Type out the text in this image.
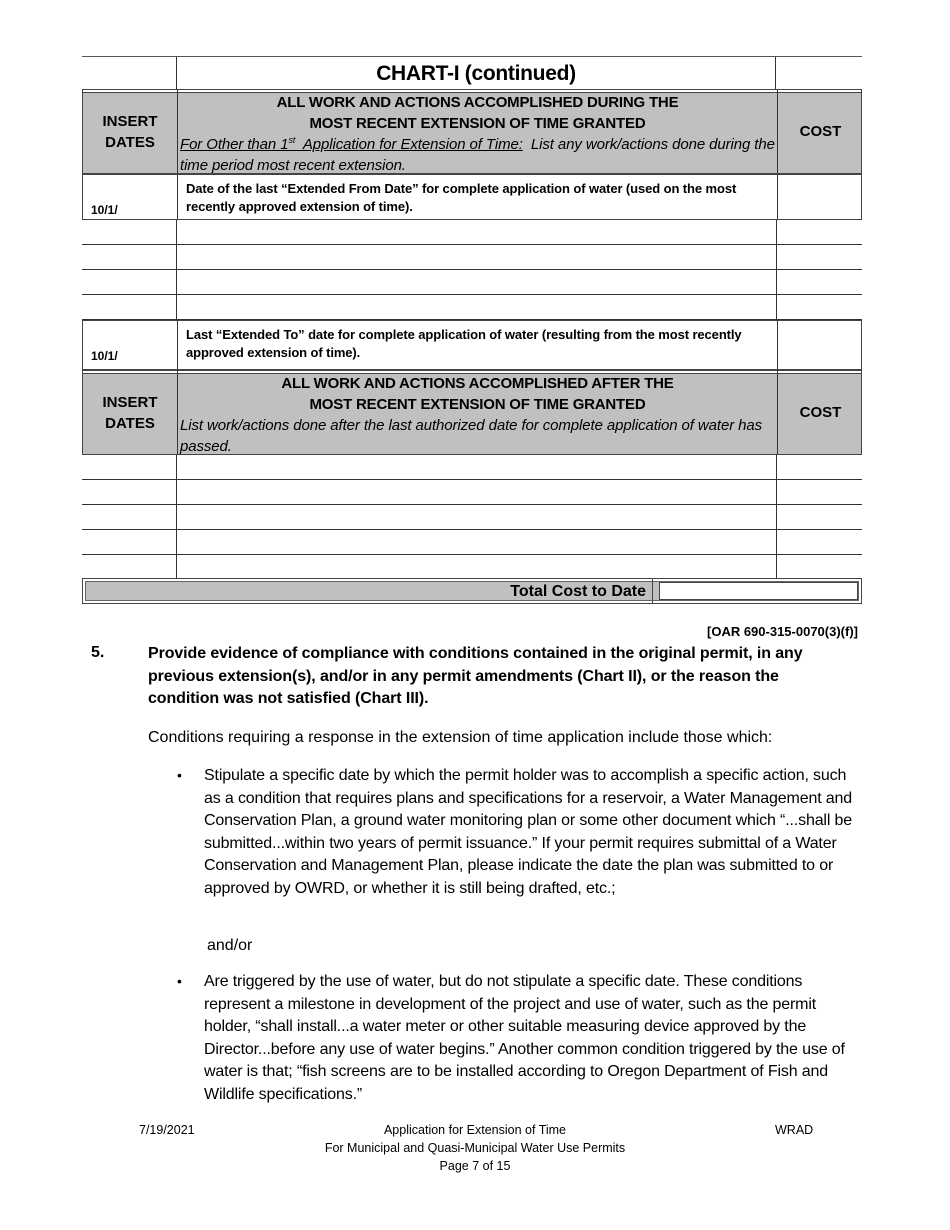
CHART-I (continued)
INSERT
DATES
ALL WORK AND ACTIONS ACCOMPLISHED DURING THE
MOST RECENT EXTENSION OF TIME GRANTED
For Other than 1st  Application for Extension of Time:  List any work/actions done during the time period most recent extension.
COST
10/1/
Date of the last “Extended From Date” for complete application of water (used on the most recently approved extension of time).
10/1/
Last “Extended To” date for complete application of water (resulting from the most recently approved extension of time).
INSERT
DATES
ALL WORK AND ACTIONS ACCOMPLISHED AFTER THE
MOST RECENT EXTENSION OF TIME GRANTED
List work/actions done after the last authorized date for complete application of water has passed.
COST
Total Cost to Date
[OAR 690-315-0070(3)(f)]
5.	Provide evidence of compliance with conditions contained in the original permit, in any previous extension(s), and/or in any permit amendments (Chart II), or the reason the condition was not satisfied (Chart III).
Conditions requiring a response in the extension of time application include those which:
• Stipulate a specific date by which the permit holder was to accomplish a specific action, such as a condition that requires plans and specifications for a reservoir, a Water Management and Conservation Plan, a ground water monitoring plan or some other document which “...shall be submitted...within two years of permit issuance.” If your permit requires submittal of a Water Conservation and Management Plan, please indicate the date the plan was submitted to or approved by OWRD, or whether it is still being drafted, etc.;
and/or
• Are triggered by the use of water, but do not stipulate a specific date. These conditions represent a milestone in development of the project and use of water, such as the permit holder, “shall install...a water meter or other suitable measuring device approved by the Director...before any use of water begins.” Another common condition triggered by the use of water is that; “fish screens are to be installed according to Oregon Department of Fish and Wildlife specifications.”
7/19/2021	Application for Extension of Time
For Municipal and Quasi-Municipal Water Use Permits
Page 7 of 15
WRAD
